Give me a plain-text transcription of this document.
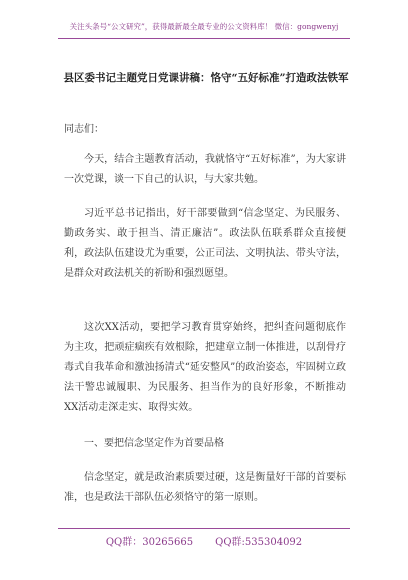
关注头条号“公文研究”，获得最新最全最专业的公文资料库！ 微信：gongwenyj
县区委书记主题党日党课讲稿：恪守“五好标准”打造政法铁军
同志们：
今天，结合主题教育活动，我就恪守“五好标准”，为大家讲一次党课，谈一下自己的认识，与大家共勉。
习近平总书记指出，好干部要做到“信念坚定、为民服务、勤政务实、敢于担当、清正廉洁”。政法队伍联系群众直接便利，政法队伍建设尤为重要，公正司法、文明执法、带头守法，是群众对政法机关的祈盼和强烈愿望。
这次XX活动，要把学习教育贯穿始终，把纠査问题彻底作为主攻，把顽症痼疾有效根除，把建章立制一体推进，以刮骨疗毒式自我革命和激浊扬清式“延安整风”的政治姿态，牢固树立政法干警忠诚履职、为民服务、担当作为的良好形象，不断推动XX活动走深走实、取得实效。
一、要把信念坚定作为首要品格
信念坚定，就是政治素质要过硬，这是衡量好干部的首要标准，也是政法干部队伍必须恪守的第一原则。
QQ群：30265665 QQ群:535304092
